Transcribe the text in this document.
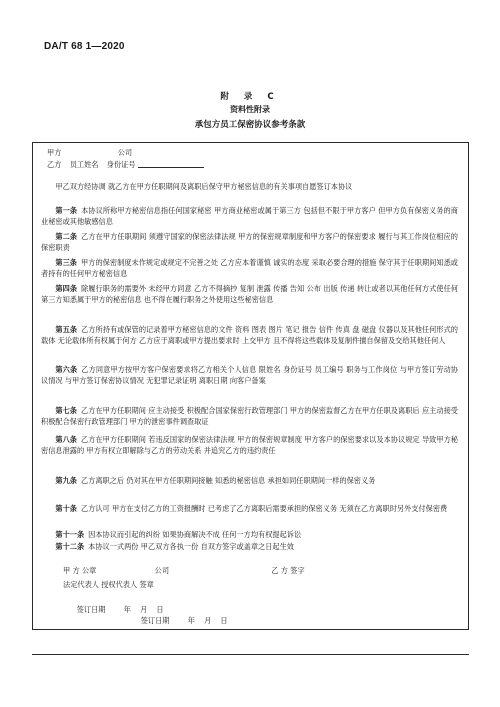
DA/T 68 1—2020
附 录 C
资料性附录
承包方员工保密协议参考条款
甲方	公司
乙方 员工姓名 身份证号
甲乙双方经协调 就乙方在甲方任职期间及离职后保守甲方秘密信息的有关事项自愿签订本协议
第一条 本协议所称甲方秘密信息指任何国家秘密 甲方商业秘密或属于第三方 包括但不限于甲方客户 但甲方负有保密义务的商业秘密或其他敏感信息
第二条 乙方在甲方任职期间 须遵守国家的保密法律法规 甲方的保密规章制度和甲方客户的保密要求 履行与其工作岗位相应的保密职责
第三条 甲方的保密制度未作规定或规定不完善之处 乙方应本着谨慎 诚实的态度 采取必要合理的措施 保守其于任职期间知悉或者持有的任何甲方秘密信息
第四条 除履行职务的需要外 未经甲方同意 乙方不得摘抄 复制 泄露 传播 告知 公布 出版 传递 转让或者以其他任何方式使任何第三方知悉属于甲方的秘密信息 也不得在履行职务之外使用这些秘密信息
第五条 乙方所持有或保管的记录着甲方秘密信息的文件 资料 图表 图片 笔记 报告 信件 传真 盘 磁盘 仪器以及其他任何形式的载体 无论载体所有权属于何方 乙方应于离职或甲方提出要求时 上交甲方 且不得将这些载体及复制件擅自保留及交给其他任何人
第六条 乙方同意甲方按甲方客户保密要求将乙方相关个人信息 限姓名 身份证号 员工编号 职务与工作岗位 与甲方签订劳动协议情况 与甲方签订保密协议情况 无犯罪记录证明 离职日期 向客户备案
第七条 乙方在甲方任职期间 应主动接受 积极配合国家保密行政管理部门 甲方的保密监督乙方在甲方任职及离职后 应主动接受 积极配合保密行政管理部门 甲方的泄密事件调查取证
第八条 乙方在甲方任职期间 若违反国家的保密法律法规 甲方的保密规章制度 甲方客户的保密要求以及本协议规定 导致甲方秘密信息泄露的 甲方有权立即解除与乙方的劳动关系 并追究乙方的违约责任
第九条 乙方离职之后 仍对其在甲方任职期间接触 知悉的秘密信息 承担如同任职期间一样的保密义务
第十条 乙方认可 甲方在支付乙方的工资报酬时 已考虑了乙方离职后需要承担的保密义务 无须在乙方离职时另外支付保密费
第十一条 因本协议而引起的纠纷 如果协商解决不成 任何一方均有权提起诉讼
第十二条 本协议一式两份 甲乙双方各执一份 自双方签字或盖章之日起生效
甲 方 公章	公司	乙 方 签字
法定代表人 授权代表人 签章

签订日期        年    月    日
签订日期        年    月    日
